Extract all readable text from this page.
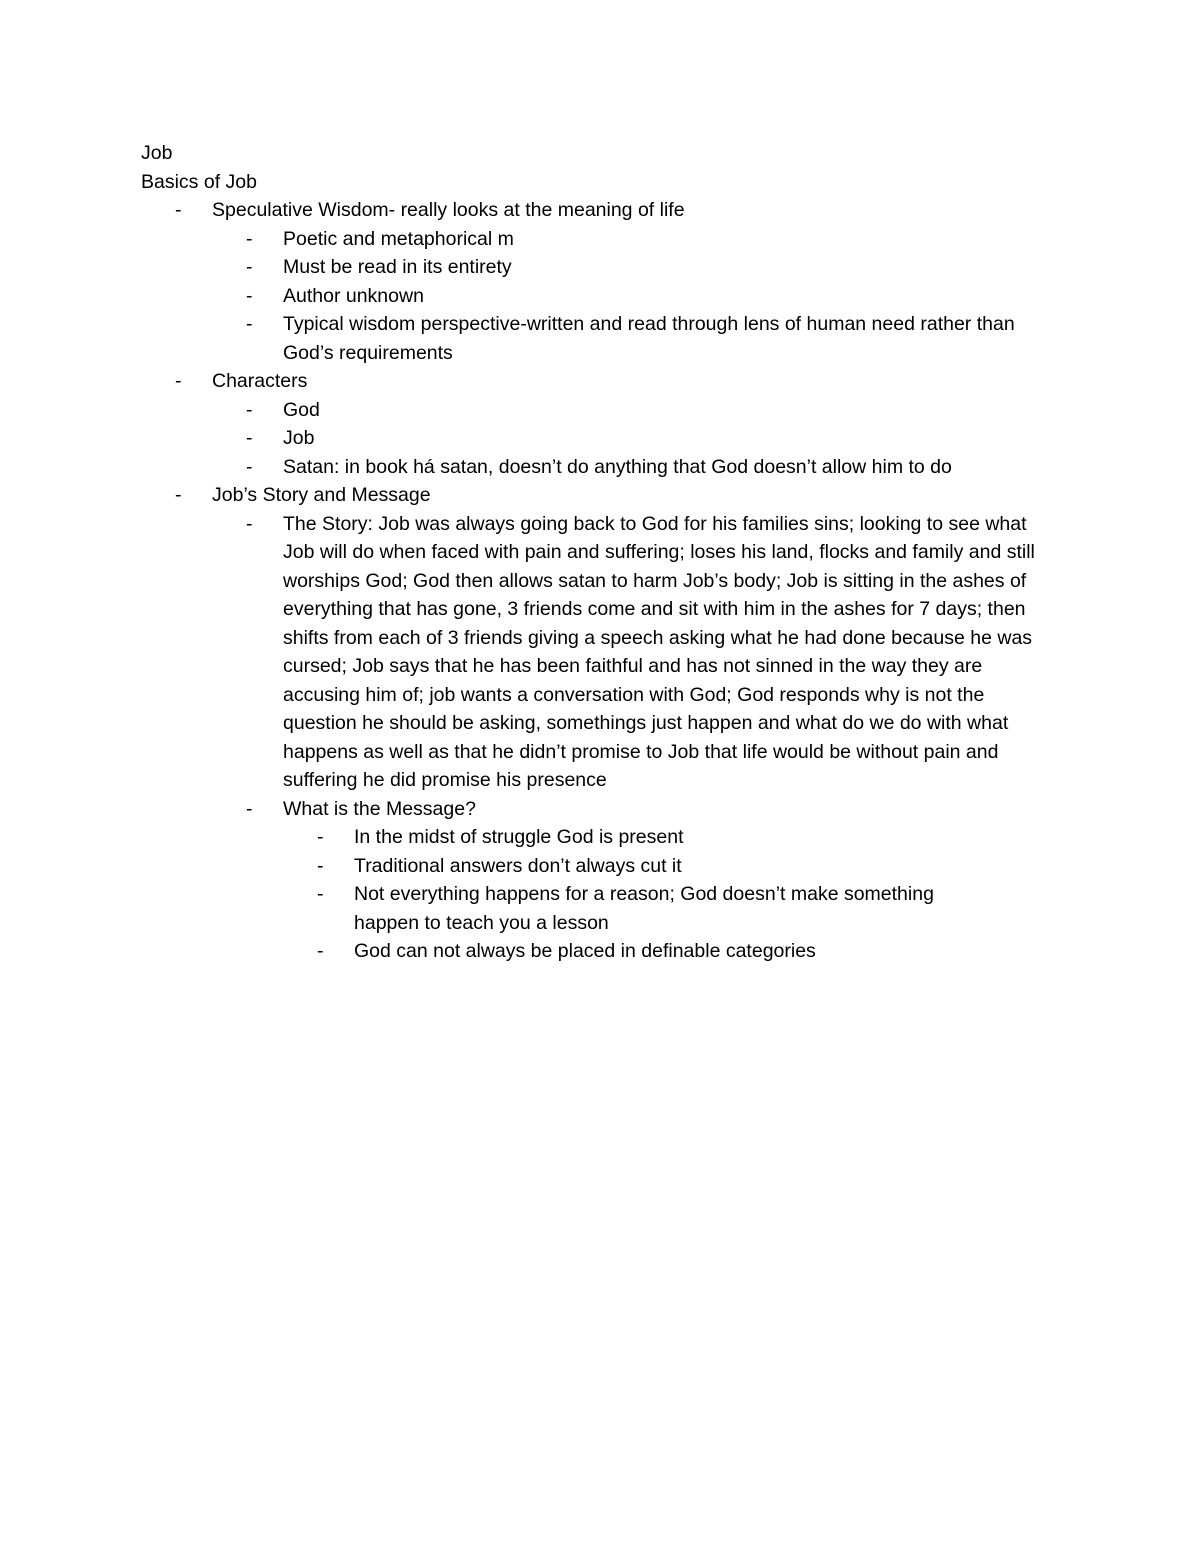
Job

Basics of Job

- Speculative Wisdom- really looks at the meaning of life
- Poetic and metaphorical m
- Must be read in its entirety
- Author unknown
- Typical wisdom perspective-written and read through lens of human need rather than God’s requirements
- Characters
- God
- Job
- Satan: in book há satan, doesn’t do anything that God doesn’t allow him to do
- Job’s Story and Message
- The Story: Job was always going back to God for his families sins; looking to see what Job will do when faced with pain and suffering; loses his land, flocks and family and still worships God; God then allows satan to harm Job’s body; Job is sitting in the ashes of everything that has gone, 3 friends come and sit with him in the ashes for 7 days; then shifts from each of 3 friends giving a speech asking what he had done because he was cursed; Job says that he has been faithful and has not sinned in the way they are accusing him of; job wants a conversation with God; God responds why is not the question he should be asking, somethings just happen and what do we do with what happens as well as that he didn’t promise to Job that life would be without pain and suffering he did promise his presence
- What is the Message?
- In the midst of struggle God is present
- Traditional answers don’t always cut it
- Not everything happens for a reason; God doesn’t make something happen to teach you a lesson
- God can not always be placed in definable categories
